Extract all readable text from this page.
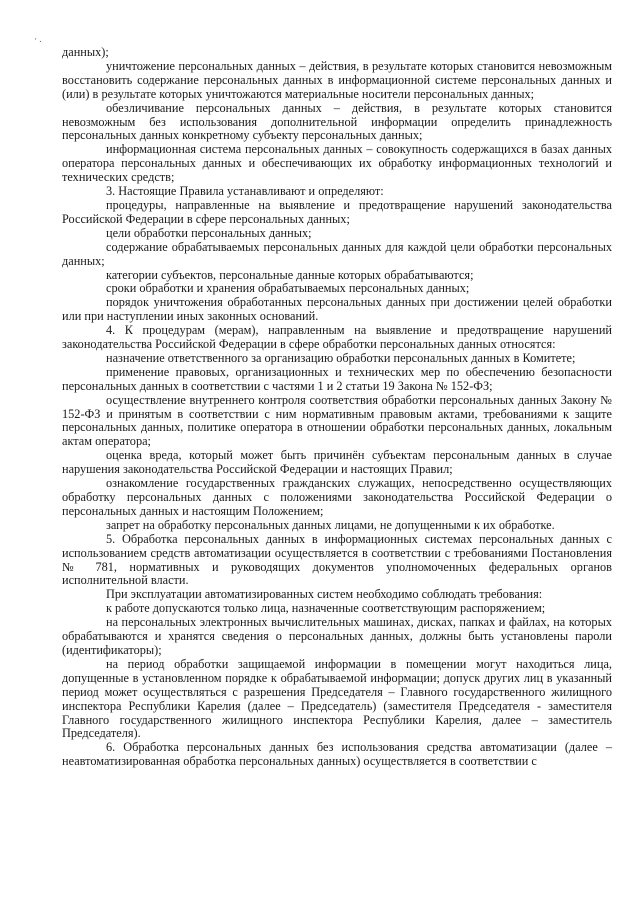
· .

данных);

уничтожение персональных данных – действия, в результате которых становится невозможным восстановить содержание персональных данных в информационной системе персональных данных и (или) в результате которых уничтожаются материальные носители персональных данных;

обезличивание персональных данных – действия, в результате которых становится невозможным без использования дополнительной информации определить принадлежность персональных данных конкретному субъекту персональных данных;

информационная система персональных данных – совокупность содержащихся в базах данных оператора персональных данных и обеспечивающих их обработку информационных технологий и технических средств;

3. Настоящие Правила устанавливают и определяют:

процедуры, направленные на выявление и предотвращение нарушений законодательства Российской Федерации в сфере персональных данных;

цели обработки персональных данных;

содержание обрабатываемых персональных данных для каждой цели обработки персональных данных;

категории субъектов, персональные данные которых обрабатываются;

сроки обработки и хранения обрабатываемых персональных данных;

порядок уничтожения обработанных персональных данных при достижении целей обработки или при наступлении иных законных оснований.

4. К процедурам (мерам), направленным на выявление и предотвращение нарушений законодательства Российской Федерации в сфере обработки персональных данных относятся:

назначение ответственного за организацию обработки персональных данных в Комитете;

применение правовых, организационных и технических мер по обеспечению безопасности персональных данных в соответствии с частями 1 и 2 статьи 19 Закона № 152-ФЗ;

осуществление внутреннего контроля соответствия обработки персональных данных Закону № 152-ФЗ и принятым в соответствии с ним нормативным правовым актами, требованиями к защите персональных данных, политике оператора в отношении обработки персональных данных, локальным актам оператора;

оценка вреда, который может быть причинён субъектам персональным данных в случае нарушения законодательства Российской Федерации и настоящих Правил;

ознакомление государственных гражданских служащих, непосредственно осуществляющих обработку персональных данных с положениями законодательства Российской Федерации о персональных данных и настоящим Положением;

запрет на обработку персональных данных лицами, не допущенными к их обработке.

5. Обработка персональных данных в информационных системах персональных данных с использованием средств автоматизации осуществляется в соответствии с требованиями Постановления № 781, нормативных и руководящих документов уполномоченных федеральных органов исполнительной власти.

При эксплуатации автоматизированных систем необходимо соблюдать требования:

к работе допускаются только лица, назначенные соответствующим распоряжением;

на персональных электронных вычислительных машинах, дисках, папках и файлах, на которых обрабатываются и хранятся сведения о персональных данных, должны быть установлены пароли (идентификаторы);

на период обработки защищаемой информации в помещении могут находиться лица, допущенные в установленном порядке к обрабатываемой информации; допуск других лиц в указанный период может осуществляться с разрешения Председателя – Главного государственного жилищного инспектора Республики Карелия (далее – Председатель) (заместителя Председателя - заместителя Главного государственного жилищного инспектора Республики Карелия, далее – заместитель Председателя).

6. Обработка персональных данных без использования средства автоматизации (далее – неавтоматизированная обработка персональных данных) осуществляется в соответствии с
